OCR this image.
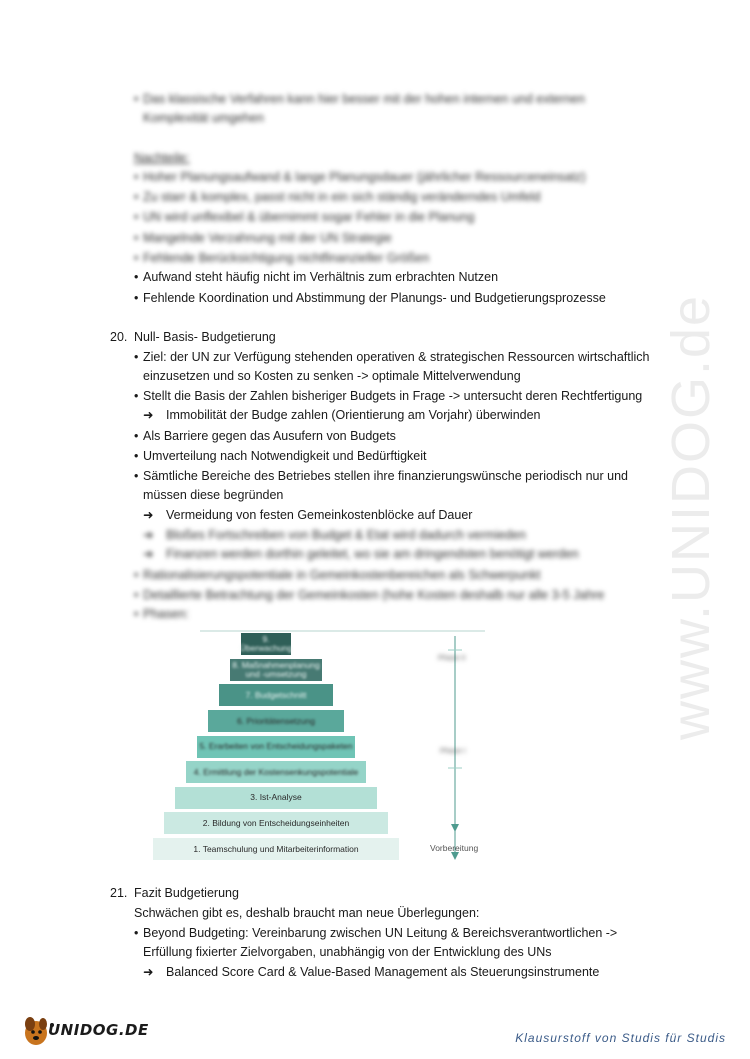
www.UNIDOG.de
• Das klassische Verfahren kann hier besser mit der hohen internen und externen
Komplexität umgehen
Nachteile:
• Hoher Planungsaufwand & lange Planungsdauer (jährlicher Ressourceneinsatz)
• Zu starr & komplex, passt nicht in ein sich ständig veränderndes Umfeld
• UN wird unflexibel & übernimmt sogar Fehler in die Planung
• Mangelnde Verzahnung mit der UN Strategie
• Fehlende Berücksichtigung nichtfinanzieller Größen
• Aufwand steht häufig nicht im Verhältnis zum erbrachten Nutzen
• Fehlende Koordination und Abstimmung der Planungs- und Budgetierungsprozesse
20. Null- Basis- Budgetierung
• Ziel: der UN zur Verfügung stehenden operativen & strategischen Ressourcen wirtschaftlich
einzusetzen und so Kosten zu senken -> optimale Mittelverwendung
• Stellt die Basis der Zahlen bisheriger Budgets in Frage -> untersucht deren Rechtfertigung
➜ Immobilität der Budge zahlen (Orientierung am Vorjahr) überwinden
• Als Barriere gegen das Ausufern von Budgets
• Umverteilung nach Notwendigkeit und Bedürftigkeit
• Sämtliche Bereiche des Betriebes stellen ihre finanzierungswünsche periodisch nur und
müssen diese begründen
➜ Vermeidung von festen Gemeinkostenblöcke auf Dauer
➜ Bloßes Fortschreiben von Budget & Etat wird dadurch vermieden
➜ Finanzen werden dorthin geleitet, wo sie am dringendsten benötigt werden
• Rationalisierungspotentiale in Gemeinkostenbereichen als Schwerpunkt
• Detaillierte Betrachtung der Gemeinkosten (hohe Kosten deshalb nur alle 3-5 Jahre
• Phasen:
1. Teamschulung und Mitarbeiterinformation
2. Bildung von Entscheidungseinheiten
3. Ist-Analyse
4. Ermittlung der Kostensenkungspotentiale
5. Erarbeiten von Entscheidungspaketen
6. Prioritätensetzung
7. Budgetschnitt
8. Maßnahmenplanung und -umsetzung
9. Überwachung
Phase II
Phase I
Vorbereitung
21. Fazit Budgetierung
Schwächen gibt es, deshalb braucht man neue Überlegungen:
• Beyond Budgeting: Vereinbarung zwischen UN Leitung & Bereichsverantwortlichen ->
Erfüllung fixierter Zielvorgaben, unabhängig von der Entwicklung des UNs
➜ Balanced Score Card & Value-Based Management als Steuerungsinstrumente
UNIDOG.DE	Klausurstoff von Studis für Studis
